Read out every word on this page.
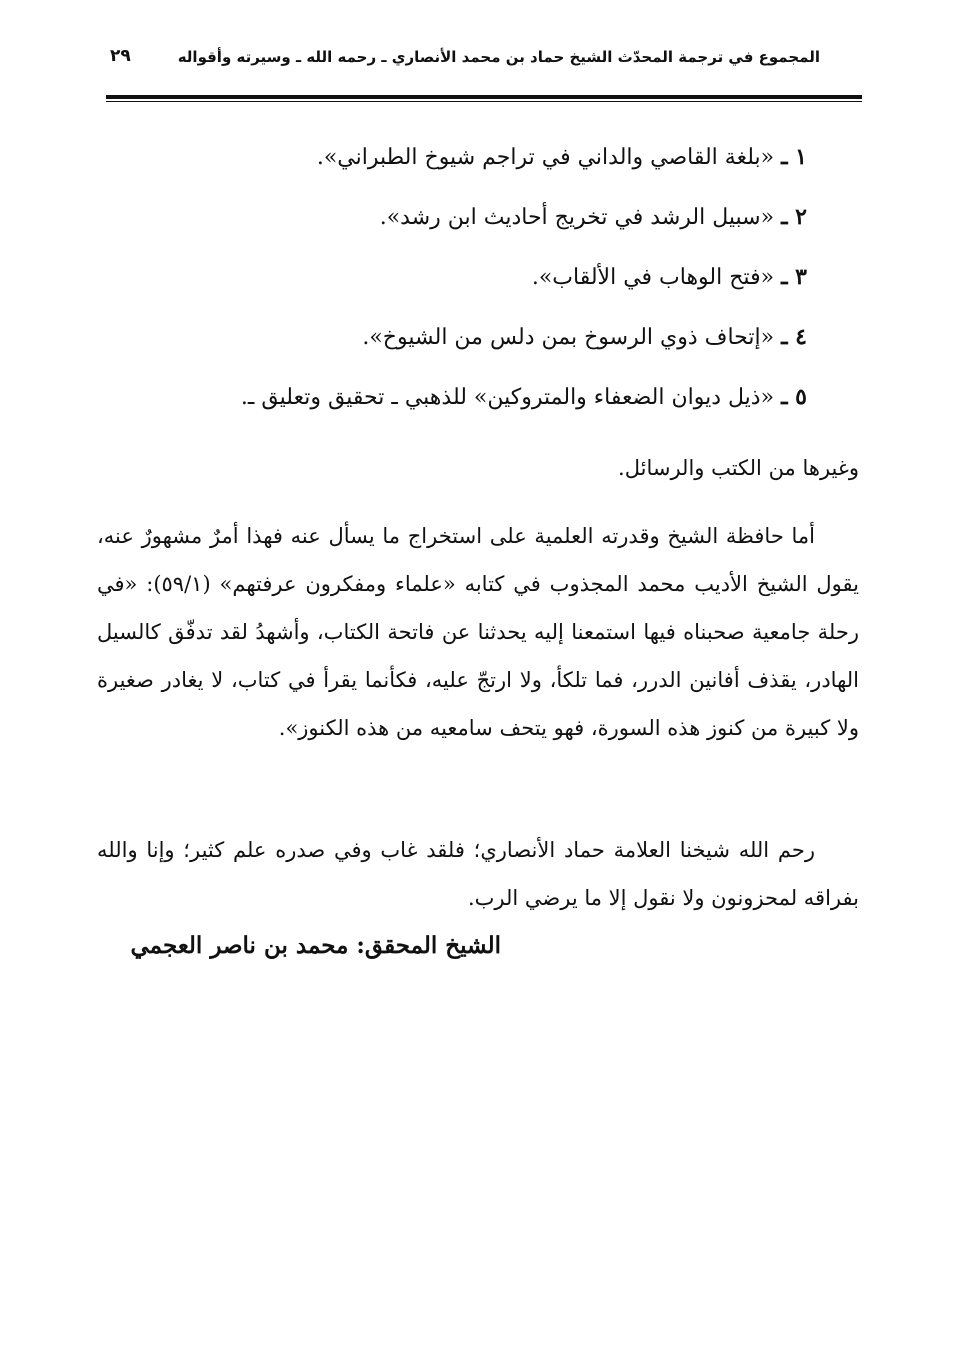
المجموع في ترجمة المحدّث الشيخ حماد بن محمد الأنصاري ـ رحمه الله ـ وسيرته وأقواله
٢٩
١ ـ «بلغة القاصي والداني في تراجم شيوخ الطبراني».
٢ ـ «سبيل الرشد في تخريج أحاديث ابن رشد».
٣ ـ «فتح الوهاب في الألقاب».
٤ ـ «إتحاف ذوي الرسوخ بمن دلس من الشيوخ».
٥ ـ «ذيل ديوان الضعفاء والمتروكين» للذهبي ـ تحقيق وتعليق ـ.

وغيرها من الكتب والرسائل.

أما حافظة الشيخ وقدرته العلمية على استخراج ما يسأل عنه فهذا أمرٌ مشهورٌ عنه، يقول الشيخ الأديب محمد المجذوب في كتابه «علماء ومفكرون عرفتهم» (٥٩/١): «في رحلة جامعية صحبناه فيها استمعنا إليه يحدثنا عن فاتحة الكتاب، وأشهدُ لقد تدفّق كالسيل الهادر، يقذف أفانين الدرر، فما تلكأ، ولا ارتجّ عليه، فكأنما يقرأ في كتاب، لا يغادر صغيرة ولا كبيرة من كنوز هذه السورة، فهو يتحف سامعيه من هذه الكنوز».

رحم الله شيخنا العلامة حماد الأنصاري؛ فلقد غاب وفي صدره علم كثير؛ وإنا والله بفراقه لمحزونون ولا نقول إلا ما يرضي الرب.

الشيخ المحقق: محمد بن ناصر العجمي
